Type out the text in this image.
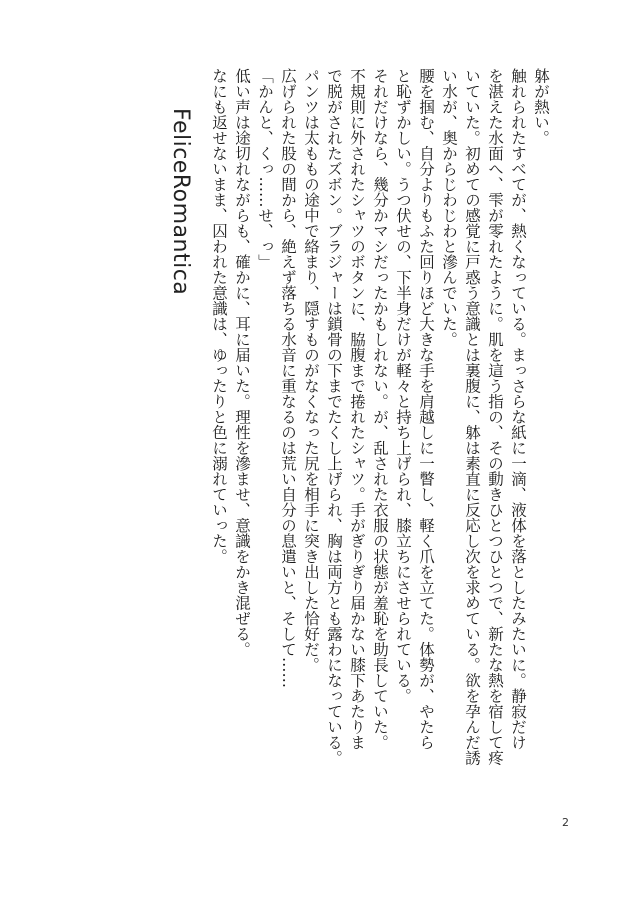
FeliceRomantica
躰が熱い。
触れられたすべてが、熱くなっている。まっさらな紙に一滴、液体を落としたみたいに。静寂だけ
を湛えた水面へ、雫が零れたように。肌を這う指の、その動きひとつひとつで、新たな熱を宿して疼
いていた。初めての感覚に戸惑う意識とは裏腹に、躰は素直に反応し次を求めている。欲を孕んだ誘
い水が、奥からじわじわと滲んでいた。
腰を掴む、自分よりもふた回りほど大きな手を肩越しに一瞥し、軽く爪を立てた。体勢が、やたら
と恥ずかしい。うつ伏せの、下半身だけが軽々と持ち上げられ、膝立ちにさせられている。
それだけなら、幾分かマシだったかもしれない。が、乱された衣服の状態が羞恥を助長していた。
不規則に外されたシャツのボタンに、脇腹まで捲れたシャツ。手がぎりぎり届かない膝下あたりま
で脱がされたズボン。ブラジャーは鎖骨の下までたくし上げられ、胸は両方とも露わになっている。
パンツは太ももの途中で絡まり、隠すものがなくなった尻を相手に突き出した恰好だ。
広げられた股の間から、絶えず落ちる水音に重なるのは荒い自分の息遣いと、そして……
「かんと、くっ……せ、っ」
低い声は途切れながらも、確かに、耳に届いた。理性を滲ませ、意識をかき混ぜる。
なにも返せないまま、囚われた意識は、ゆったりと色に溺れていった。
2
